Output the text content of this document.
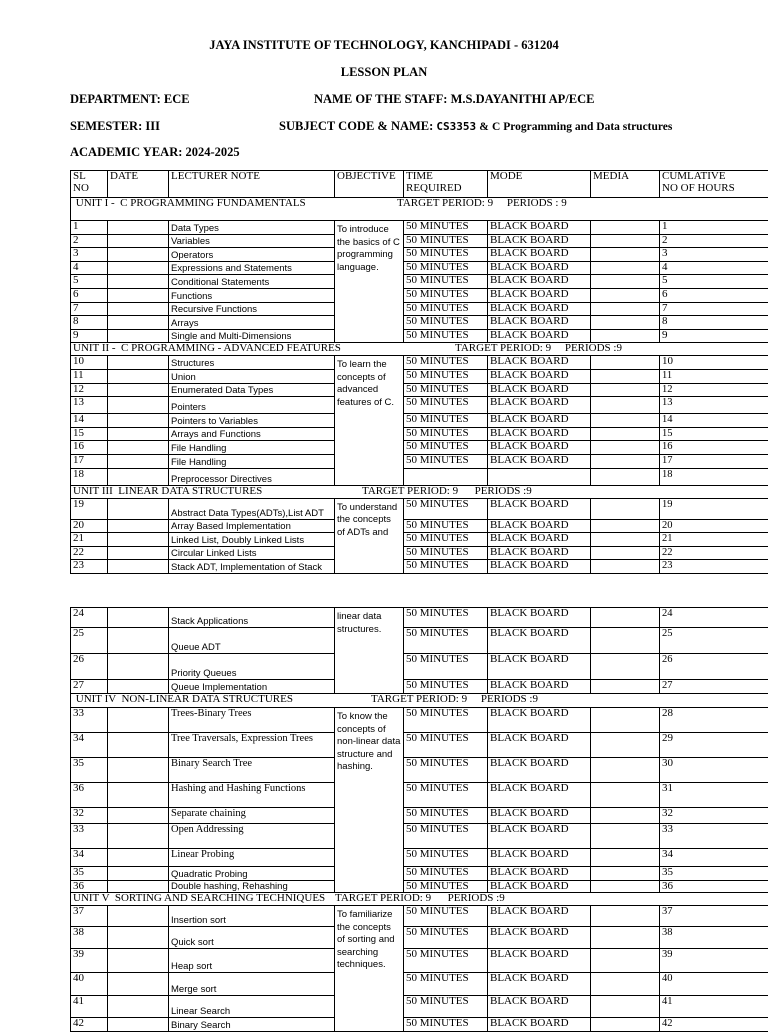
JAYA INSTITUTE OF TECHNOLOGY, KANCHIPADI - 631204
LESSON PLAN
DEPARTMENT: ECE	NAME OF THE STAFF: M.S.DAYANITHI AP/ECE
SEMESTER: III	SUBJECT CODE & NAME: CS3353 & C Programming and Data structures
ACADEMIC YEAR: 2024-2025
SL
NO	DATE	LECTURER NOTE	OBJECTIVE	TIME
REQUIRED	MODE	MEDIA	CUMLATIVE
NO OF HOURS
UNIT I -  C PROGRAMMING FUNDAMENTALS TARGET PERIOD: 9     PERIODS : 9							

1		Data Types	To introduce the basics of C programming language.	50 MINUTES	BLACK BOARD		1
2		Variables		50 MINUTES	BLACK BOARD		2
3		Operators		50 MINUTES	BLACK BOARD		3
4		Expressions and Statements		50 MINUTES	BLACK BOARD		4
5		Conditional Statements		50 MINUTES	BLACK BOARD		5
6		Functions		50 MINUTES	BLACK BOARD		6
7		Recursive Functions		50 MINUTES	BLACK BOARD		7
8		Arrays		50 MINUTES	BLACK BOARD		8
9		Single and Multi-Dimensions		50 MINUTES	BLACK BOARD		9
UNIT II -  C PROGRAMMING - ADVANCED FEATURES TARGET PERIOD: 9     PERIODS :9							

10		Structures	To learn the concepts of advanced features of C.	50 MINUTES	BLACK BOARD		10
11		Union		50 MINUTES	BLACK BOARD		11
12		Enumerated Data Types		50 MINUTES	BLACK BOARD		12
13		Pointers		50 MINUTES	BLACK BOARD		13
14		Pointers to Variables		50 MINUTES	BLACK BOARD		14
15		Arrays and Functions		50 MINUTES	BLACK BOARD		15
16		File Handling		50 MINUTES	BLACK BOARD		16
17		File Handling		50 MINUTES	BLACK BOARD		17
18		Preprocessor Directives					18
UNIT III  LINEAR DATA STRUCTURES TARGET PERIOD: 9      PERIODS :9							

19		Abstract Data Types(ADTs),List ADT	To understand the concepts of ADTs and	50 MINUTES	BLACK BOARD		19
20		Array Based Implementation		50 MINUTES	BLACK BOARD		20
21		Linked List, Doubly Linked Lists		50 MINUTES	BLACK BOARD		21
22		Circular Linked Lists		50 MINUTES	BLACK BOARD		22
23		Stack ADT, Implementation of Stack		50 MINUTES	BLACK BOARD		23
24		Stack Applications	linear data structures.	50 MINUTES	BLACK BOARD		24
25		Queue ADT		50 MINUTES	BLACK BOARD		25
26		Priority Queues		50 MINUTES	BLACK BOARD		26
27		Queue Implementation		50 MINUTES	BLACK BOARD		27
UNIT IV  NON-LINEAR DATA STRUCTURES TARGET PERIOD: 9     PERIODS :9							

33		Trees-Binary Trees	To know the concepts of non-linear data structure and hashing.	50 MINUTES	BLACK BOARD		28
34		Tree Traversals, Expression Trees		50 MINUTES	BLACK BOARD		29
35		Binary Search Tree		50 MINUTES	BLACK BOARD		30
36		Hashing and Hashing Functions		50 MINUTES	BLACK BOARD		31
32		Separate chaining		50 MINUTES	BLACK BOARD		32
33		Open Addressing		50 MINUTES	BLACK BOARD		33
34		Linear Probing		50 MINUTES	BLACK BOARD		34
35		Quadratic Probing		50 MINUTES	BLACK BOARD		35
36		Double hashing, Rehashing		50 MINUTES	BLACK BOARD		36
UNIT V  SORTING AND SEARCHING TECHNIQUES TARGET PERIOD: 9      PERIODS :9							

37		Insertion sort	To familiarize the concepts of sorting and searching techniques.	50 MINUTES	BLACK BOARD		37
38		Quick sort		50 MINUTES	BLACK BOARD		38
39		Heap sort		50 MINUTES	BLACK BOARD		39
40		Merge sort		50 MINUTES	BLACK BOARD		40
41		Linear Search		50 MINUTES	BLACK BOARD		41
42		Binary Search		50 MINUTES	BLACK BOARD		42
